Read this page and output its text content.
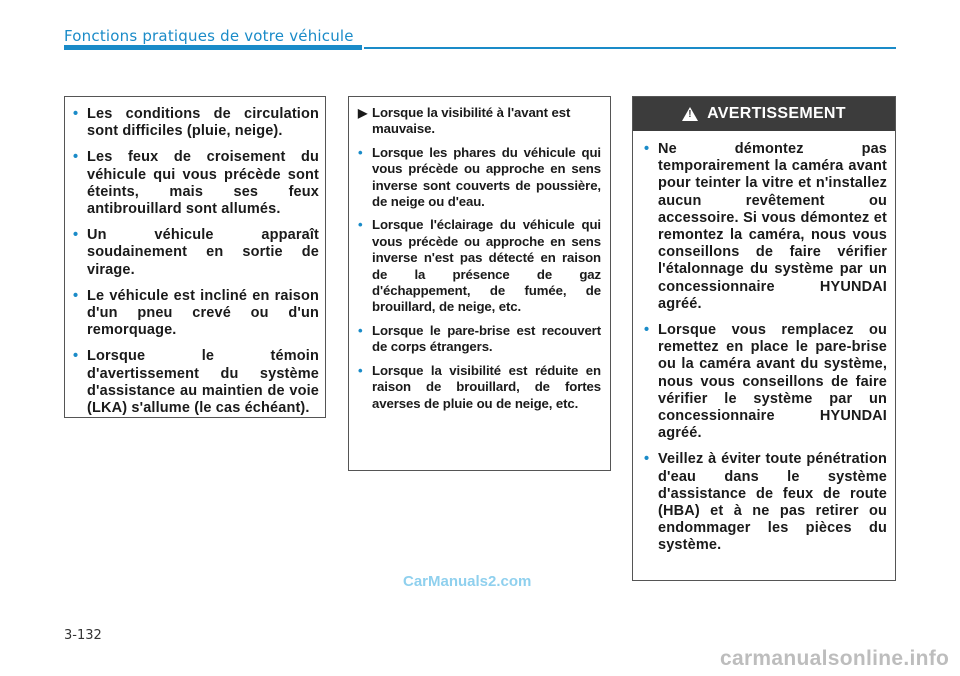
Fonctions pratiques de votre véhicule
• Les conditions de circulation sont difficiles (pluie, neige).
• Les feux de croisement du véhicule qui vous précède sont éteints, mais ses feux antibrouillard sont allumés.
• Un véhicule apparaît soudainement en sortie de virage.
• Le véhicule est incliné en raison d'un pneu crevé ou d'un remorquage.
• Lorsque le témoin d'avertissement du système d'assistance au maintien de voie (LKA) s'allume (le cas échéant).
▶ Lorsque la visibilité à l'avant est mauvaise.
• Lorsque les phares du véhicule qui vous précède ou approche en sens inverse sont couverts de poussière, de neige ou d'eau.
• Lorsque l'éclairage du véhicule qui vous précède ou approche en sens inverse n'est pas détecté en raison de la présence de gaz d'échappement, de fumée, de brouillard, de neige, etc.
• Lorsque le pare-brise est recouvert de corps étrangers.
• Lorsque la visibilité est réduite en raison de brouillard, de fortes averses de pluie ou de neige, etc.
! AVERTISSEMENT
• Ne démontez pas temporairement la caméra avant pour teinter la vitre et n'installez aucun revêtement ou accessoire. Si vous démontez et remontez la caméra, nous vous conseillons de faire vérifier l'étalonnage du système par un concessionnaire HYUNDAI agréé.
• Lorsque vous remplacez ou remettez en place le pare-brise ou la caméra avant du système, nous vous conseillons de faire vérifier le système par un concessionnaire HYUNDAI agréé.
• Veillez à éviter toute pénétration d'eau dans le système d'assistance de feux de route (HBA) et à ne pas retirer ou endommager les pièces du système.
CarManuals2.com
3-132
carmanualsonline.info
